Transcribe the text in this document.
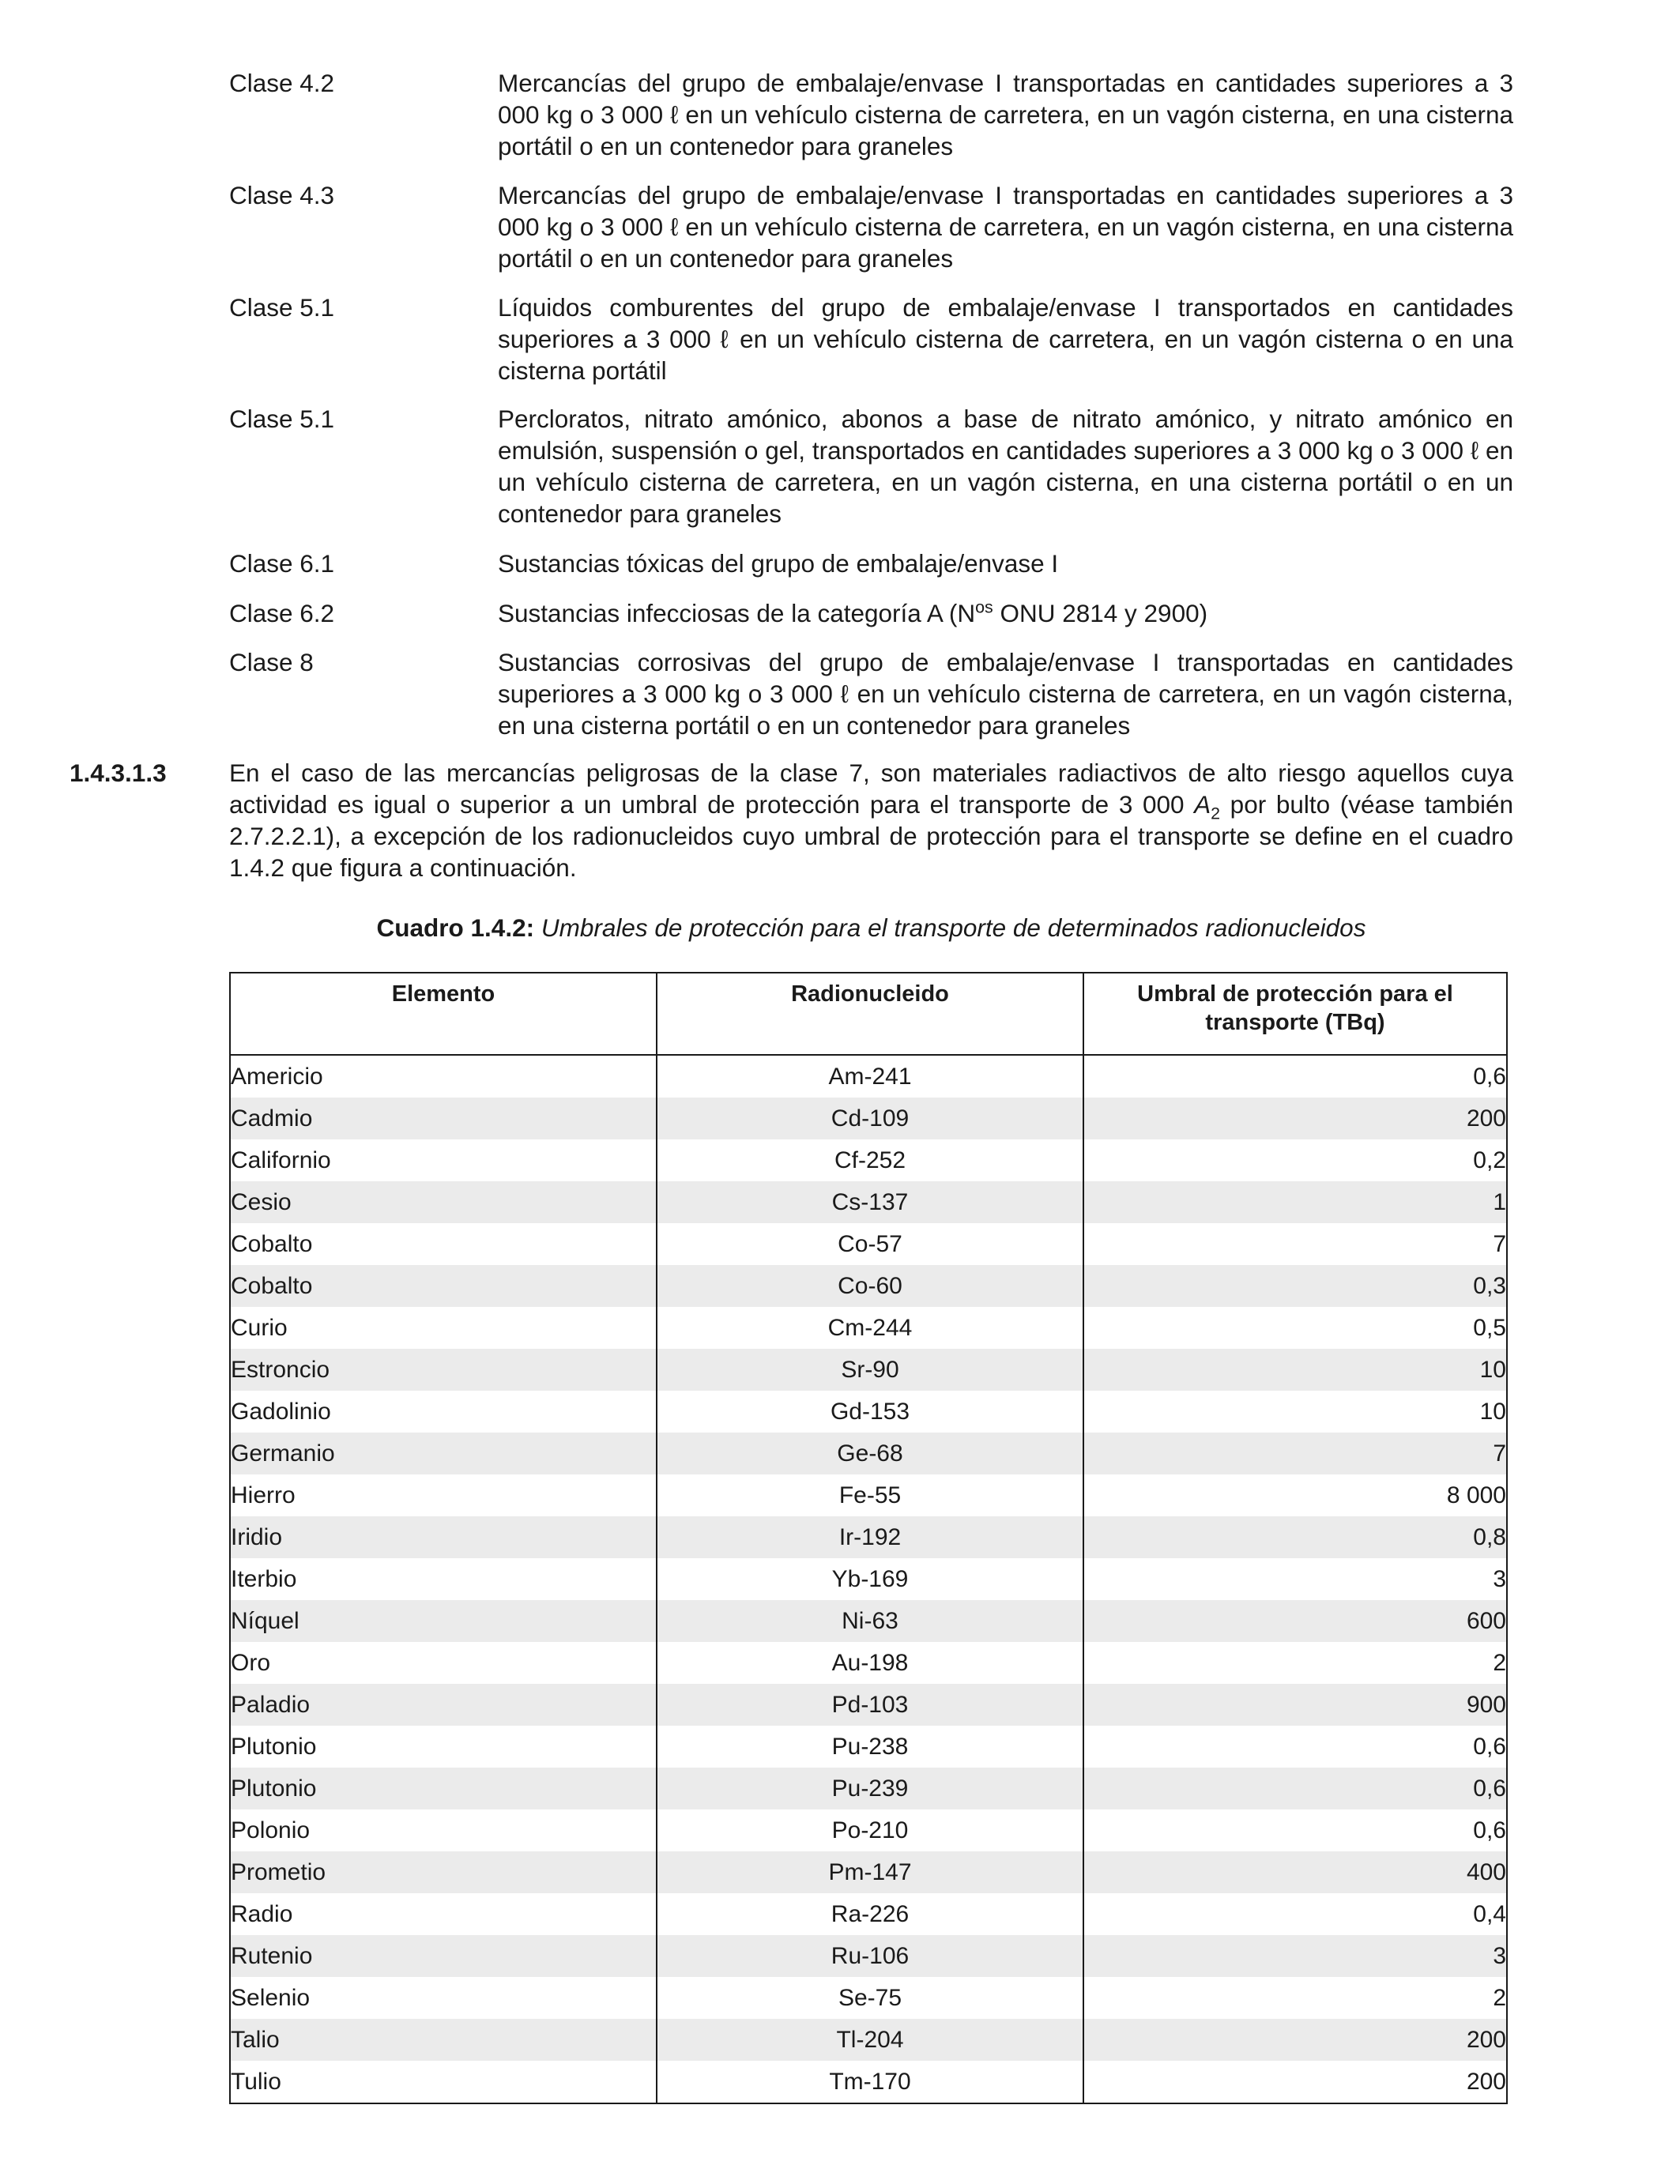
Clase 4.2	Mercancías del grupo de embalaje/envase I transportadas en cantidades superiores a 3 000 kg o 3 000 ℓ en un vehículo cisterna de carretera, en un vagón cisterna, en una cisterna portátil o en un contenedor para graneles
Clase 4.3	Mercancías del grupo de embalaje/envase I transportadas en cantidades superiores a 3 000 kg o 3 000 ℓ en un vehículo cisterna de carretera, en un vagón cisterna, en una cisterna portátil o en un contenedor para graneles
Clase 5.1	Líquidos comburentes del grupo de embalaje/envase I transportados en cantidades superiores a 3 000 ℓ en un vehículo cisterna de carretera, en un vagón cisterna o en una cisterna portátil
Clase 5.1	Percloratos, nitrato amónico, abonos a base de nitrato amónico, y nitrato amónico en emulsión, suspensión o gel, transportados en cantidades superiores a 3 000 kg o 3 000 ℓ en un vehículo cisterna de carretera, en un vagón cisterna, en una cisterna portátil o en un contenedor para graneles
Clase 6.1	Sustancias tóxicas del grupo de embalaje/envase I
Clase 6.2	Sustancias infecciosas de la categoría A ($N^{os}$ ONU 2814 y 2900)
Clase 8	Sustancias corrosivas del grupo de embalaje/envase I transportadas en cantidades superiores a 3 000 kg o 3 000 ℓ en un vehículo cisterna de carretera, en un vagón cisterna, en una cisterna portátil o en un contenedor para graneles
1.4.3.1.3	En el caso de las mercancías peligrosas de la clase 7, son materiales radiactivos de alto riesgo aquellos cuya actividad es igual o superior a un umbral de protección para el transporte de 3 000 $A_2$ por bulto (véase también 2.7.2.2.1), a excepción de los radionucleidos cuyo umbral de protección para el transporte se define en el cuadro 1.4.2 que figura a continuación.
Cuadro 1.4.2: Umbrales de protección para el transporte de determinados radionucleidos
Elemento	Radionucleido	Umbral de protección para el transporte (TBq)
Americio	Am-241	0,6
Cadmio	Cd-109	200
Californio	Cf-252	0,2
Cesio	Cs-137	1
Cobalto	Co-57	7
Cobalto	Co-60	0,3
Curio	Cm-244	0,5
Estroncio	Sr-90	10
Gadolinio	Gd-153	10
Germanio	Ge-68	7
Hierro	Fe-55	8 000
Iridio	Ir-192	0,8
Iterbio	Yb-169	3
Níquel	Ni-63	600
Oro	Au-198	2
Paladio	Pd-103	900
Plutonio	Pu-238	0,6
Plutonio	Pu-239	0,6
Polonio	Po-210	0,6
Prometio	Pm-147	400
Radio	Ra-226	0,4
Rutenio	Ru-106	3
Selenio	Se-75	2
Talio	Tl-204	200
Tulio	Tm-170	200
